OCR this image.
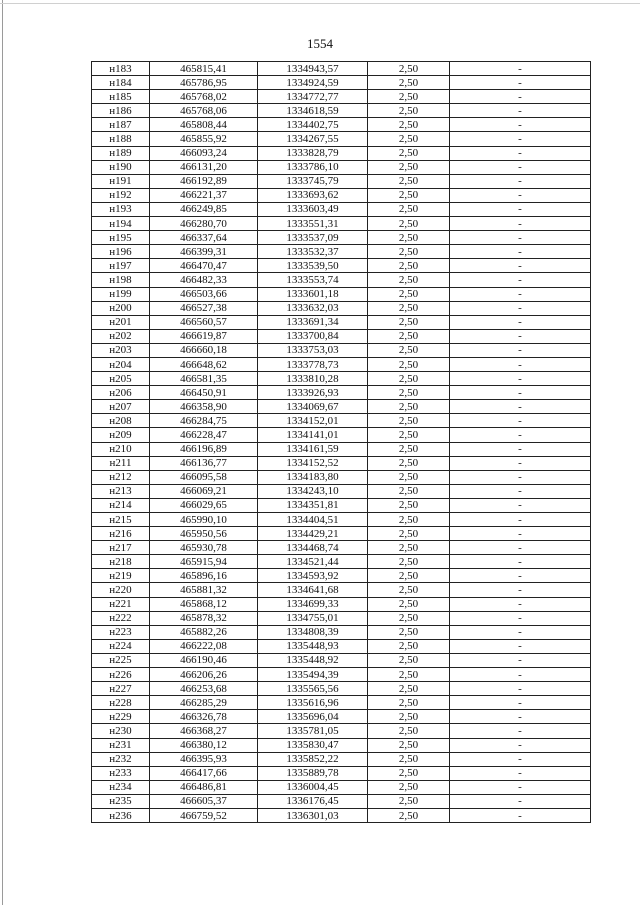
1554
н183	465815,41	1334943,57	2,50	-
н184	465786,95	1334924,59	2,50	-
н185	465768,02	1334772,77	2,50	-
н186	465768,06	1334618,59	2,50	-
н187	465808,44	1334402,75	2,50	-
н188	465855,92	1334267,55	2,50	-
н189	466093,24	1333828,79	2,50	-
н190	466131,20	1333786,10	2,50	-
н191	466192,89	1333745,79	2,50	-
н192	466221,37	1333693,62	2,50	-
н193	466249,85	1333603,49	2,50	-
н194	466280,70	1333551,31	2,50	-
н195	466337,64	1333537,09	2,50	-
н196	466399,31	1333532,37	2,50	-
н197	466470,47	1333539,50	2,50	-
н198	466482,33	1333553,74	2,50	-
н199	466503,66	1333601,18	2,50	-
н200	466527,38	1333632,03	2,50	-
н201	466560,57	1333691,34	2,50	-
н202	466619,87	1333700,84	2,50	-
н203	466660,18	1333753,03	2,50	-
н204	466648,62	1333778,73	2,50	-
н205	466581,35	1333810,28	2,50	-
н206	466450,91	1333926,93	2,50	-
н207	466358,90	1334069,67	2,50	-
н208	466284,75	1334152,01	2,50	-
н209	466228,47	1334141,01	2,50	-
н210	466196,89	1334161,59	2,50	-
н211	466136,77	1334152,52	2,50	-
н212	466095,58	1334183,80	2,50	-
н213	466069,21	1334243,10	2,50	-
н214	466029,65	1334351,81	2,50	-
н215	465990,10	1334404,51	2,50	-
н216	465950,56	1334429,21	2,50	-
н217	465930,78	1334468,74	2,50	-
н218	465915,94	1334521,44	2,50	-
н219	465896,16	1334593,92	2,50	-
н220	465881,32	1334641,68	2,50	-
н221	465868,12	1334699,33	2,50	-
н222	465878,32	1334755,01	2,50	-
н223	465882,26	1334808,39	2,50	-
н224	466222,08	1335448,93	2,50	-
н225	466190,46	1335448,92	2,50	-
н226	466206,26	1335494,39	2,50	-
н227	466253,68	1335565,56	2,50	-
н228	466285,29	1335616,96	2,50	-
н229	466326,78	1335696,04	2,50	-
н230	466368,27	1335781,05	2,50	-
н231	466380,12	1335830,47	2,50	-
н232	466395,93	1335852,22	2,50	-
н233	466417,66	1335889,78	2,50	-
н234	466486,81	1336004,45	2,50	-
н235	466605,37	1336176,45	2,50	-
н236	466759,52	1336301,03	2,50	-
